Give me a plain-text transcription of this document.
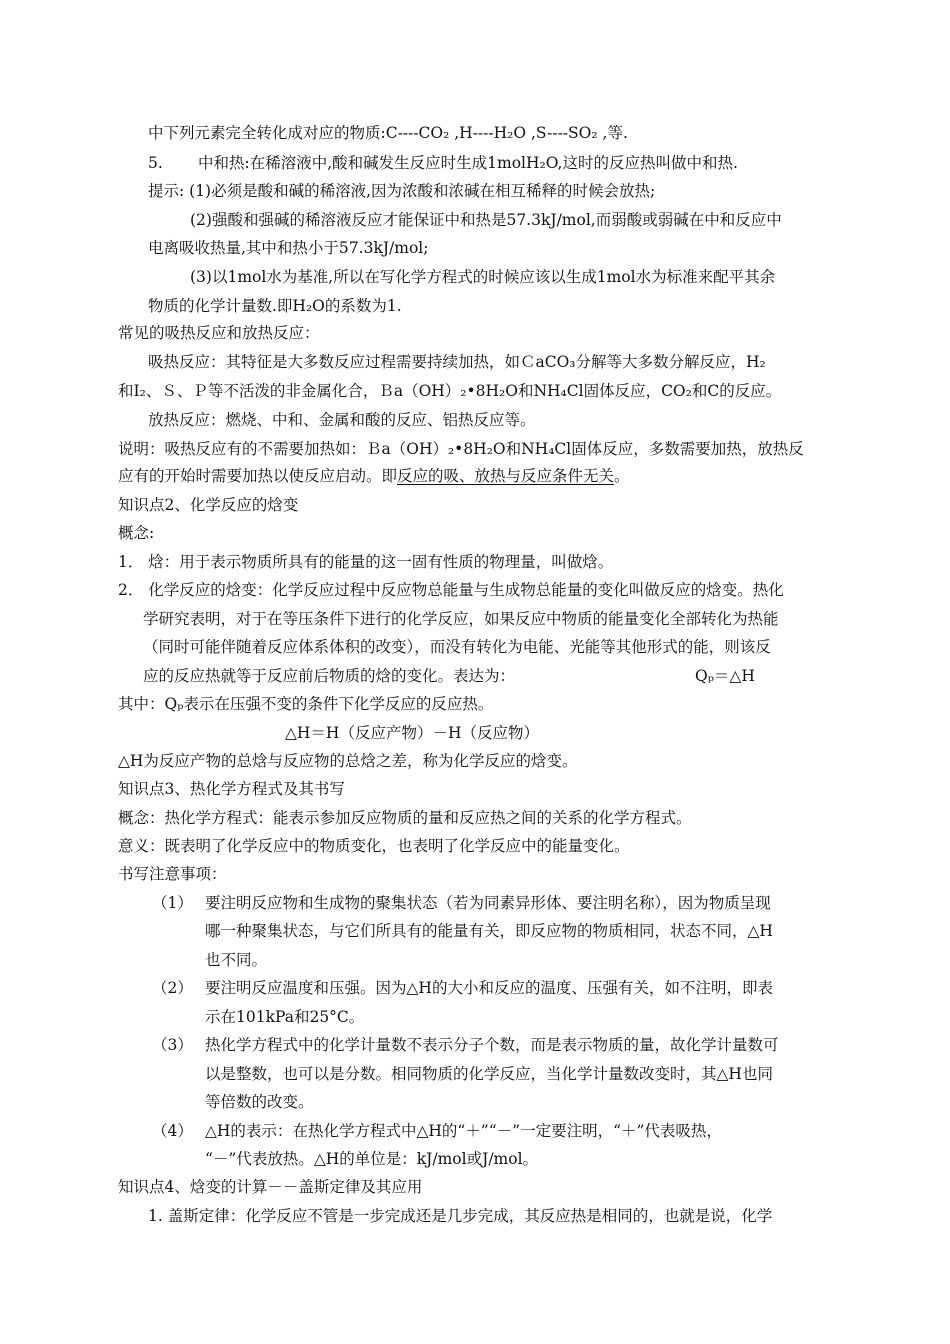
中下列元素完全转化成对应的物质:C----CO₂ ,H----H₂O ,S----SO₂ ,等.
5. 中和热:在稀溶液中,酸和碱发生反应时生成1molH₂O,这时的反应热叫做中和热.
提示: (1)必须是酸和碱的稀溶液,因为浓酸和浓碱在相互稀释的时候会放热;
(2)强酸和强碱的稀溶液反应才能保证中和热是57.3kJ/mol,而弱酸或弱碱在中和反应中
电离吸收热量,其中和热小于57.3kJ/mol;
(3)以1mol水为基准,所以在写化学方程式的时候应该以生成1mol水为标准来配平其余
物质的化学计量数.即H₂O的系数为1.
常见的吸热反应和放热反应：
吸热反应：其特征是大多数反应过程需要持续加热，如ＣaCO₃分解等大多数分解反应，H₂
和I₂、Ｓ、Ｐ等不活泼的非金属化合，Ｂa（OH）₂•8H₂O和NH₄Cl固体反应，CO₂和C的反应。
放热反应：燃烧、中和、金属和酸的反应、铝热反应等。
说明：吸热反应有的不需要加热如：Ｂa（OH）₂•8H₂O和NH₄Cl固体反应，多数需要加热，放热反
应有的开始时需要加热以使反应启动。即反应的吸、放热与反应条件无关。
知识点2、化学反应的焓变
概念:
1． 焓：用于表示物质所具有的能量的这一固有性质的物理量，叫做焓。
2． 化学反应的焓变：化学反应过程中反应物总能量与生成物总能量的变化叫做反应的焓变。热化
学研究表明，对于在等压条件下进行的化学反应，如果反应中物质的能量变化全部转化为热能
（同时可能伴随着反应体系体积的改变），而没有转化为电能、光能等其他形式的能，则该反
应的反应热就等于反应前后物质的焓的变化。表达为：	Qₚ＝△H
其中：Qₚ表示在压强不变的条件下化学反应的反应热。
△H＝H（反应产物）－H（反应物）
△H为反应产物的总焓与反应物的总焓之差，称为化学反应的焓变。
知识点3、热化学方程式及其书写
概念：热化学方程式：能表示参加反应物质的量和反应热之间的关系的化学方程式。
意义：既表明了化学反应中的物质变化，也表明了化学反应中的能量变化。
书写注意事项：
（1） 要注明反应物和生成物的聚集状态（若为同素异形体、要注明名称），因为物质呈现
哪一种聚集状态，与它们所具有的能量有关，即反应物的物质相同，状态不同，△H
也不同。
（2） 要注明反应温度和压强。因为△H的大小和反应的温度、压强有关，如不注明，即表
示在101kPa和25°C。
（3） 热化学方程式中的化学计量数不表示分子个数，而是表示物质的量，故化学计量数可
以是整数，也可以是分数。相同物质的化学反应，当化学计量数改变时，其△H也同
等倍数的改变。
（4） △H的表示：在热化学方程式中△H的“＋”“－”一定要注明，“＋”代表吸热，
“－”代表放热。△H的单位是：kJ/mol或J/mol。
知识点4、焓变的计算－－盖斯定律及其应用
1. 盖斯定律：化学反应不管是一步完成还是几步完成，其反应热是相同的，也就是说，化学
